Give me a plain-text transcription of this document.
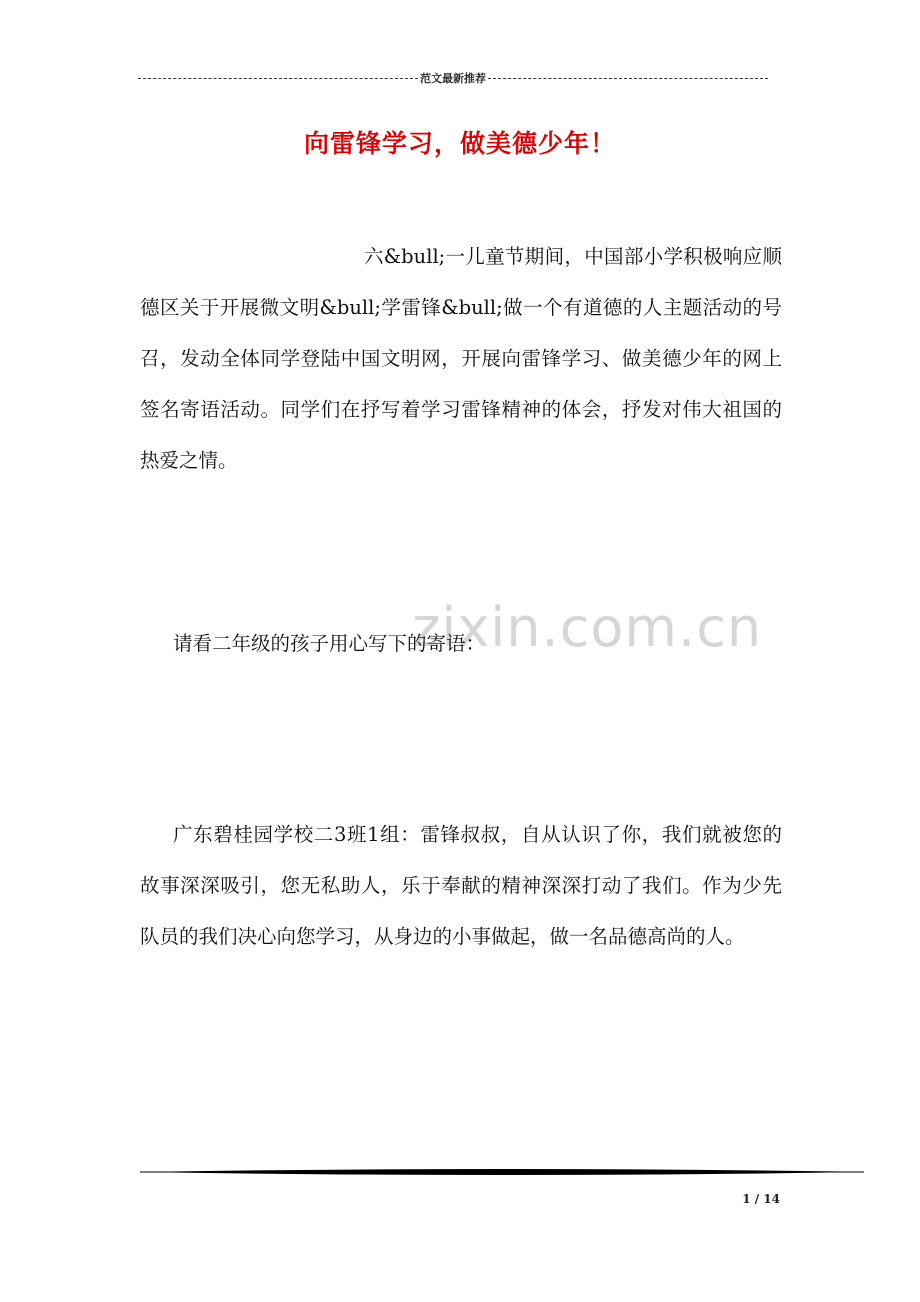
范文最新推荐
向雷锋学习，做美德少年！

六&bull;一儿童节期间，中国部小学积极响应顺德区关于开展微文明&bull;学雷锋&bull;做一个有道德的人主题活动的号召，发动全体同学登陆中国文明网，开展向雷锋学习、做美德少年的网上签名寄语活动。同学们在抒写着学习雷锋精神的体会，抒发对伟大祖国的热爱之情。

zixin.com.cn

请看二年级的孩子用心写下的寄语：

广东碧桂园学校二3班1组：雷锋叔叔，自从认识了你，我们就被您的故事深深吸引，您无私助人，乐于奉献的精神深深打动了我们。作为少先队员的我们决心向您学习，从身边的小事做起，做一名品德高尚的人。

1 / 14
